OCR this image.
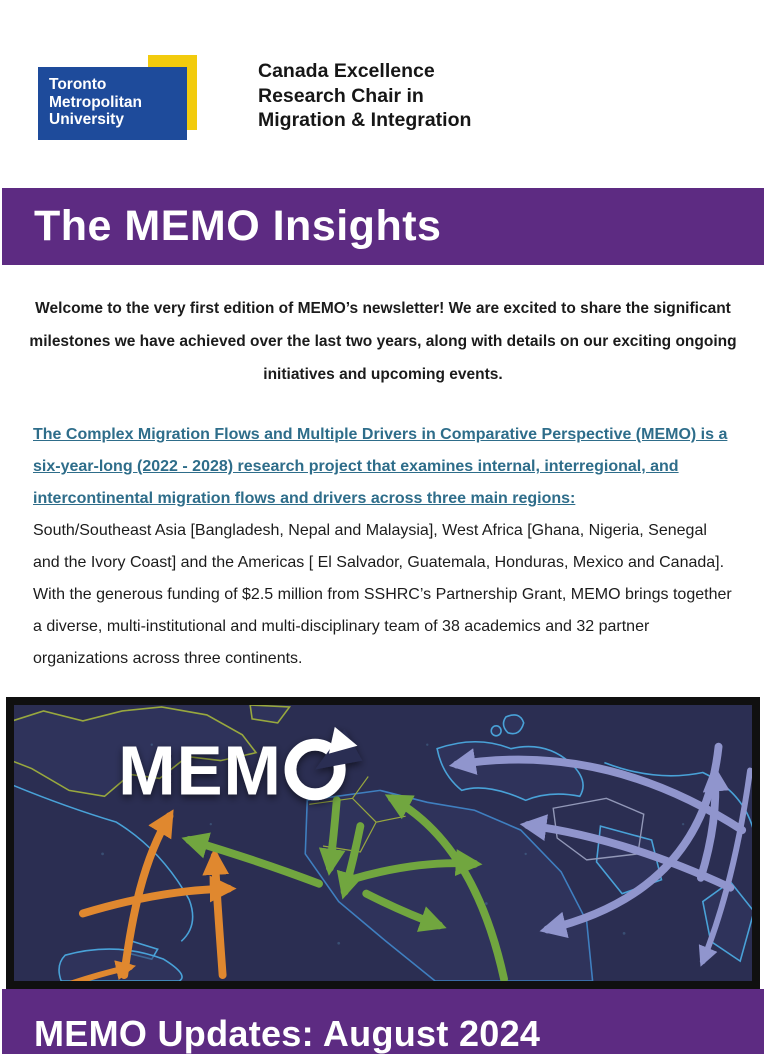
Toronto
Metropolitan
University
Canada Excellence
Research Chair in
Migration & Integration
The MEMO Insights

Welcome to the very first edition of MEMO’s newsletter! We are excited to share the significant milestones we have achieved over the last two years, along with details on our exciting ongoing initiatives and upcoming events.

The Complex Migration Flows and Multiple Drivers in Comparative Perspective (MEMO) is a six-year-long (2022 - 2028) research project that examines internal, interregional, and intercontinental migration flows and drivers across three main regions:
South/Southeast Asia [Bangladesh, Nepal and Malaysia], West Africa [Ghana, Nigeria, Senegal and the Ivory Coast] and the Americas [ El Salvador, Guatemala, Honduras, Mexico and Canada]. With the generous funding of $2.5 million from SSHRC’s Partnership Grant, MEMO brings together a diverse, multi-institutional and multi-disciplinary team of 38 academics and 32 partner organizations across three continents.

MEM
MEMO Updates: August 2024
